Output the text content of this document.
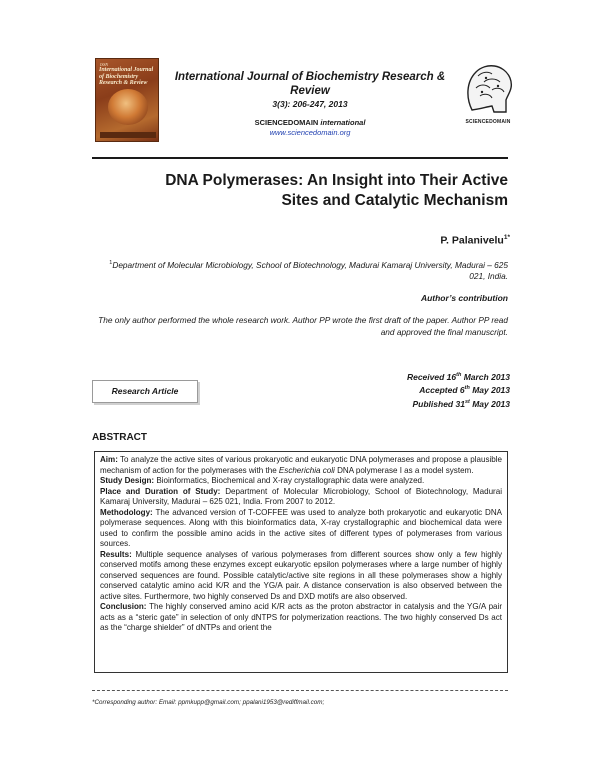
ISSN
International Journal of Biochemistry Research & Review	International Journal of Biochemistry Research & Review
3(3): 206-247, 2013
SCIENCEDOMAIN international
www.sciencedomain.org
SCIENCEDOMAIN
DNA Polymerases: An Insight into Their Active Sites and Catalytic Mechanism
P. Palanivelu$^{1*}$
$^1$Department of Molecular Microbiology, School of Biotechnology, Madurai Kamaraj University, Madurai – 625 021, India.
Author’s contribution
The only author performed the whole research work. Author PP wrote the first draft of the paper. Author PP read and approved the final manuscript.
Research Article
Received 16th March 2013
Accepted 6th May 2013
Published 31st May 2013
ABSTRACT
Aim: To analyze the active sites of various prokaryotic and eukaryotic DNA polymerases and propose a plausible mechanism of action for the polymerases with the Escherichia coli DNA polymerase I as a model system.
Study Design: Bioinformatics, Biochemical and X-ray crystallographic data were analyzed.
Place and Duration of Study: Department of Molecular Microbiology, School of Biotechnology, Madurai Kamaraj University, Madurai – 625 021, India. From 2007 to 2012.
Methodology: The advanced version of T-COFFEE was used to analyze both prokaryotic and eukaryotic DNA polymerase sequences. Along with this bioinformatics data, X-ray crystallographic and biochemical data were used to confirm the possible amino acids in the active sites of different types of polymerases from various sources.
Results: Multiple sequence analyses of various polymerases from different sources show only a few highly conserved motifs among these enzymes except eukaryotic epsilon polymerases where a large number of highly conserved sequences are found. Possible catalytic/active site regions in all these polymerases show a highly conserved catalytic amino acid K/R and the YG/A pair. A distance conservation is also observed between the active sites. Furthermore, two highly conserved Ds and DXD motifs are also observed.
Conclusion: The highly conserved amino acid K/R acts as the proton abstractor in catalysis and the YG/A pair acts as a “steric gate” in selection of only dNTPS for polymerization reactions. The two highly conserved Ds act as the “charge shielder” of dNTPs and orient the
*Corresponding author: Email: ppmkupp@gmail.com; ppalani1953@rediffmail.com;
